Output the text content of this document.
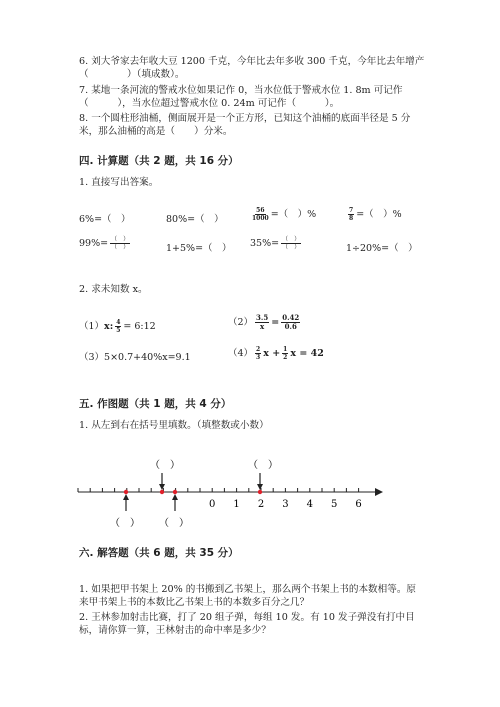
6. 刘大爷家去年收大豆 1200 千克，今年比去年多收 300 千克，今年比去年增产
（　　　　）（填成数）。
7. 某地一条河流的警戒水位如果记作 0，当水位低于警戒水位 1. 8m 可记作
（　　　），当水位超过警戒水位 0. 24m 可记作（　　　）。
8. 一个圆柱形油桶，侧面展开是一个正方形，已知这个油桶的底面半径是 5 分
米，那么油桶的高是（　　）分米。
四. 计算题（共 2 题，共 16 分）
1. 直接写出答案。
6%=（　）	80%=（　）	$\frac{56}{1000}$ =（　）%	$\frac{7}{8}$ =（　）%
$99\%= \frac{( )}{( )}$	1+5%=（　） $35\%= \frac{( )}{( )}$	1÷20%=（　）
2. 求未知数 x。
（1）x: $\frac{4}{5}$ = 6:12	$(2) \frac{3.5}{x} = \frac{0.42}{0.6}$
（3）5×0.7+40%x=9.1	$(4) \frac{2}{3}$ $x + \frac{1}{2}$ x = 42
五. 作图题（共 1 题，共 4 分）
1. 从左到右在括号里填数。（填整数或小数）
0 1 2 3 4 5 6
（　）	（　）
（　） （　）
六. 解答题（共 6 题，共 35 分）
1. 如果把甲书架上 20% 的书搬到乙书架上，那么两个书架上书的本数相等。原
来甲书架上书的本数比乙书架上书的本数多百分之几？
2. 王林参加射击比赛，打了 20 组子弹，每组 10 发。有 10 发子弹没有打中目
标，请你算一算，王林射击的命中率是多少？
